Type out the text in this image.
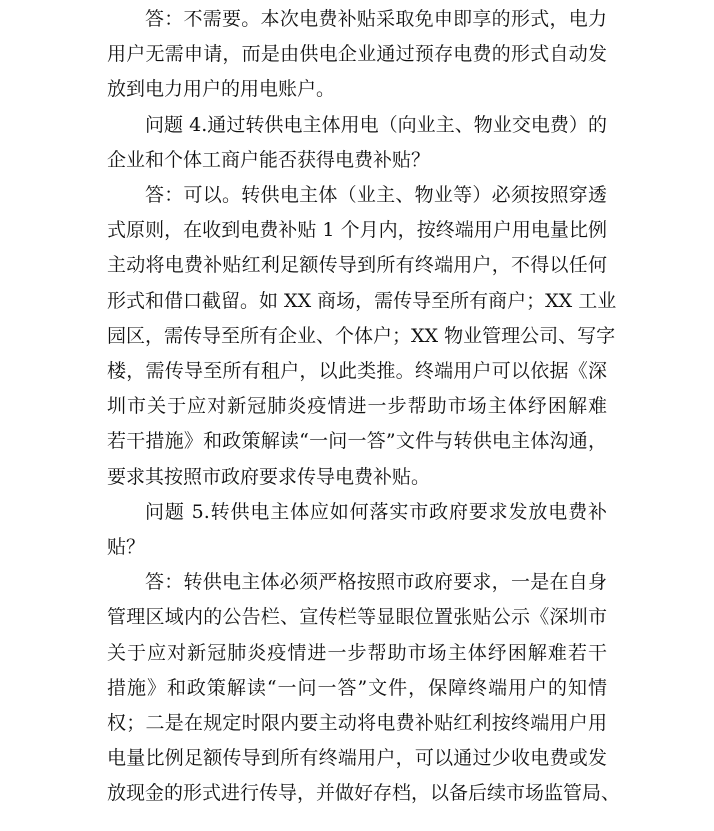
答：不需要。本次电费补贴采取免申即享的形式，电力
用户无需申请，而是由供电企业通过预存电费的形式自动发
放到电力用户的用电账户。
问题 4.通过转供电主体用电（向业主、物业交电费）的
企业和个体工商户能否获得电费补贴？
答：可以。转供电主体（业主、物业等）必须按照穿透
式原则，在收到电费补贴 1 个月内，按终端用户用电量比例
主动将电费补贴红利足额传导到所有终端用户，不得以任何
形式和借口截留。如 XX 商场，需传导至所有商户；XX 工业
园区，需传导至所有企业、个体户；XX 物业管理公司、写字
楼，需传导至所有租户，以此类推。终端用户可以依据《深
圳市关于应对新冠肺炎疫情进一步帮助市场主体纾困解难
若干措施》和政策解读“一问一答”文件与转供电主体沟通，
要求其按照市政府要求传导电费补贴。
问题 5.转供电主体应如何落实市政府要求发放电费补
贴？
答：转供电主体必须严格按照市政府要求，一是在自身
管理区域内的公告栏、宣传栏等显眼位置张贴公示《深圳市
关于应对新冠肺炎疫情进一步帮助市场主体纾困解难若干
措施》和政策解读“一问一答”文件，保障终端用户的知情
权；二是在规定时限内要主动将电费补贴红利按终端用户用
电量比例足额传导到所有终端用户，可以通过少收电费或发
放现金的形式进行传导，并做好存档，以备后续市场监管局、
